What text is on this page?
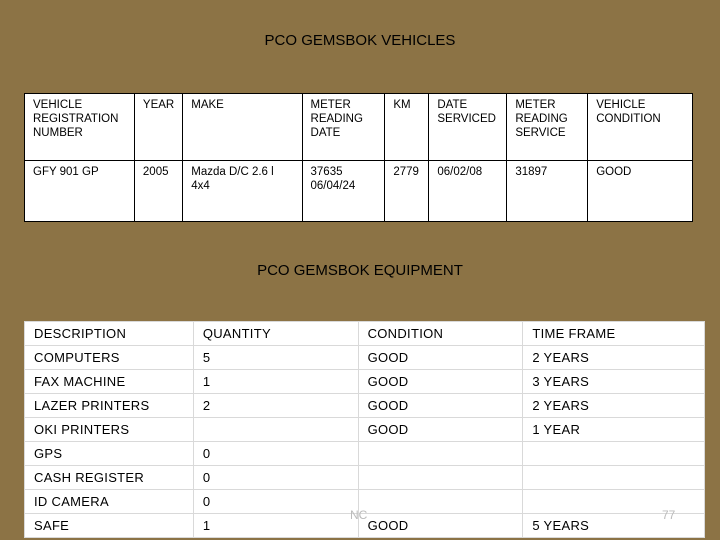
PCO GEMSBOK VEHICLES
VEHICLE REGISTRATION NUMBER	YEAR	MAKE	METER READING DATE	KM	DATE SERVICED	METER READING SERVICE	VEHICLE CONDITION
GFY 901 GP	2005	Mazda D/C 2.6 l 4x4	37635 06/04/24	2779	06/02/08	31897	GOOD
PCO GEMSBOK EQUIPMENT
DESCRIPTION	QUANTITY	CONDITION	TIME FRAME
COMPUTERS	5	GOOD	2 YEARS
FAX MACHINE	1	GOOD	3 YEARS
LAZER PRINTERS	2	GOOD	2 YEARS
OKI PRINTERS		GOOD	1 YEAR
GPS	0		
CASH REGISTER	0		
ID CAMERA	0		
SAFE	1	GOOD	5 YEARS
NC	77
